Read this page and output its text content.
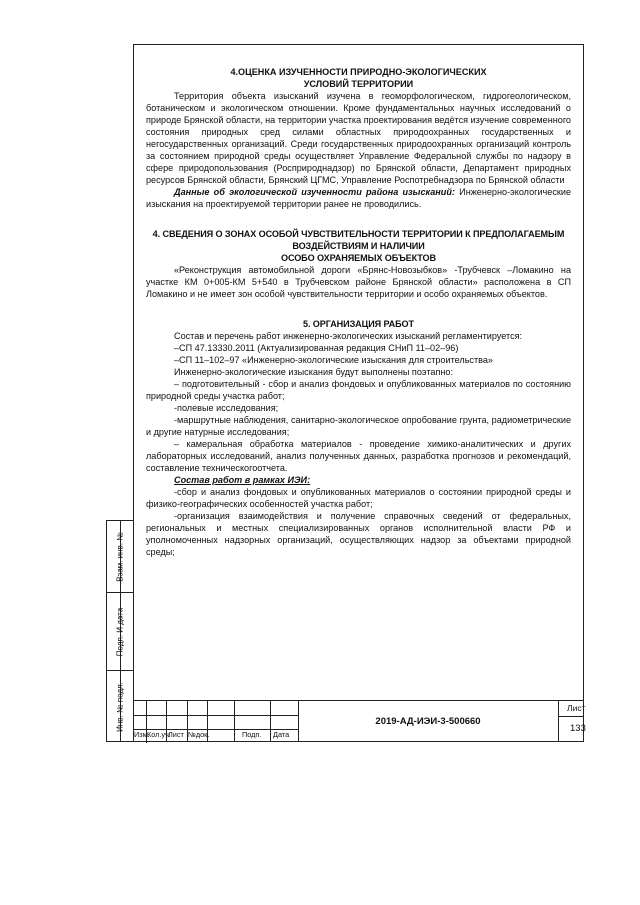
Взам. инв. №
Подп. И дата
Инв. № подл.
4.ОЦЕНКА ИЗУЧЕННОСТИ ПРИРОДНО-ЭКОЛОГИЧЕСКИХ
УСЛОВИЙ ТЕРРИТОРИИ

Территория объекта изысканий изучена в геоморфологическом, гидрогеологическом, ботаническом и экологическом отношении. Кроме фундаментальных научных исследований о природе Брянской области, на территории участка проектирования ведётся изучение современного состояния природных сред силами областных природоохранных государственных и негосударственных организаций. Среди государственных природоохранных организаций контроль за состоянием природной среды осуществляет Управление Федеральной службы по надзору в сфере природопользования (Росприроднадзор) по Брянской области, Департамент природных ресурсов Брянской области, Брянский ЦГМС, Управление Роспотребнадзора по Брянской области

Данные об экологической изученности района изысканий: Инженерно-экологические изыскания на проектируемой территории ранее не проводились.

4. СВЕДЕНИЯ О ЗОНАХ ОСОБОЙ ЧУВСТВИТЕЛЬНОСТИ ТЕРРИТОРИИ К ПРЕДПОЛАГАЕМЫМ
ВОЗДЕЙСТВИЯМ И НАЛИЧИИ
ОСОБО ОХРАНЯЕМЫХ ОБЪЕКТОВ

«Реконструкция автомобильной дороги «Брянс-Новозыбков» -Трубчевск –Ломакино на участке КМ 0+005-КМ 5+540 в Трубчевском районе Брянской области» расположена в СП Ломакино и не имеет зон особой чувствительности территории и особо охраняемых объектов.

5. ОРГАНИЗАЦИЯ РАБОТ

Состав и перечень работ инженерно-экологических изысканий регламентируется:

–СП 47.13330.2011 (Актуализированная редакция СНиП 11–02–96)

–СП 11–102–97 «Инженерно-экологические изыскания для строительства»

Инженерно-экологические изыскания будут выполнены поэтапно:

– подготовительный - сбор и анализ фондовых и опубликованных материалов по состоянию природной среды участка работ;

-полевые исследования;

-маршрутные наблюдения, санитарно-экологическое опробование грунта, радиометрические и другие натурные исследования;

– камеральная обработка материалов - проведение химико-аналитических и других лабораторных исследований, анализ полученных данных, разработка прогнозов и рекомендаций, составление техническогоотчета.

Состав работ в рамках ИЭИ:

-сбор и анализ фондовых и опубликованных материалов о состоянии природной среды и физико-географических особенностей участка работ;

-организация взаимодействия и получение справочных сведений от федеральных, региональных и местных специализированных органов исполнительной власти РФ и уполномоченных надзорных организаций, осуществляющих надзор за объектами природной среды;

Изм.
Кол.уч.
Лист №док.	Подп. Дата
2019-АД-ИЭИ-3-500660
Лист
133
